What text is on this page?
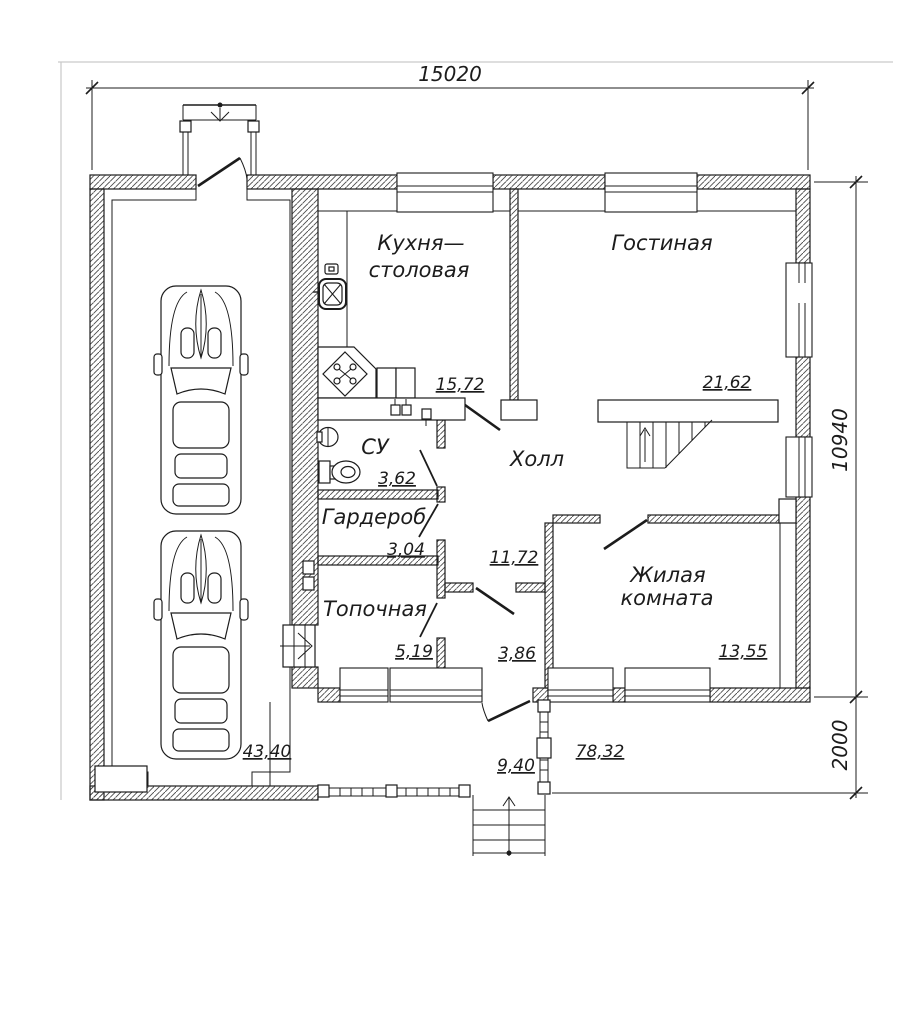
15020
10940
2000
Кухня—
столовая
Гостиная
Холл
СУ
Гардероб
Топочная
Жилая
комната
15,72	21,62
3,62
3,04	11,72
5,19	3,86	13,55
43,40
9,40
78,32
